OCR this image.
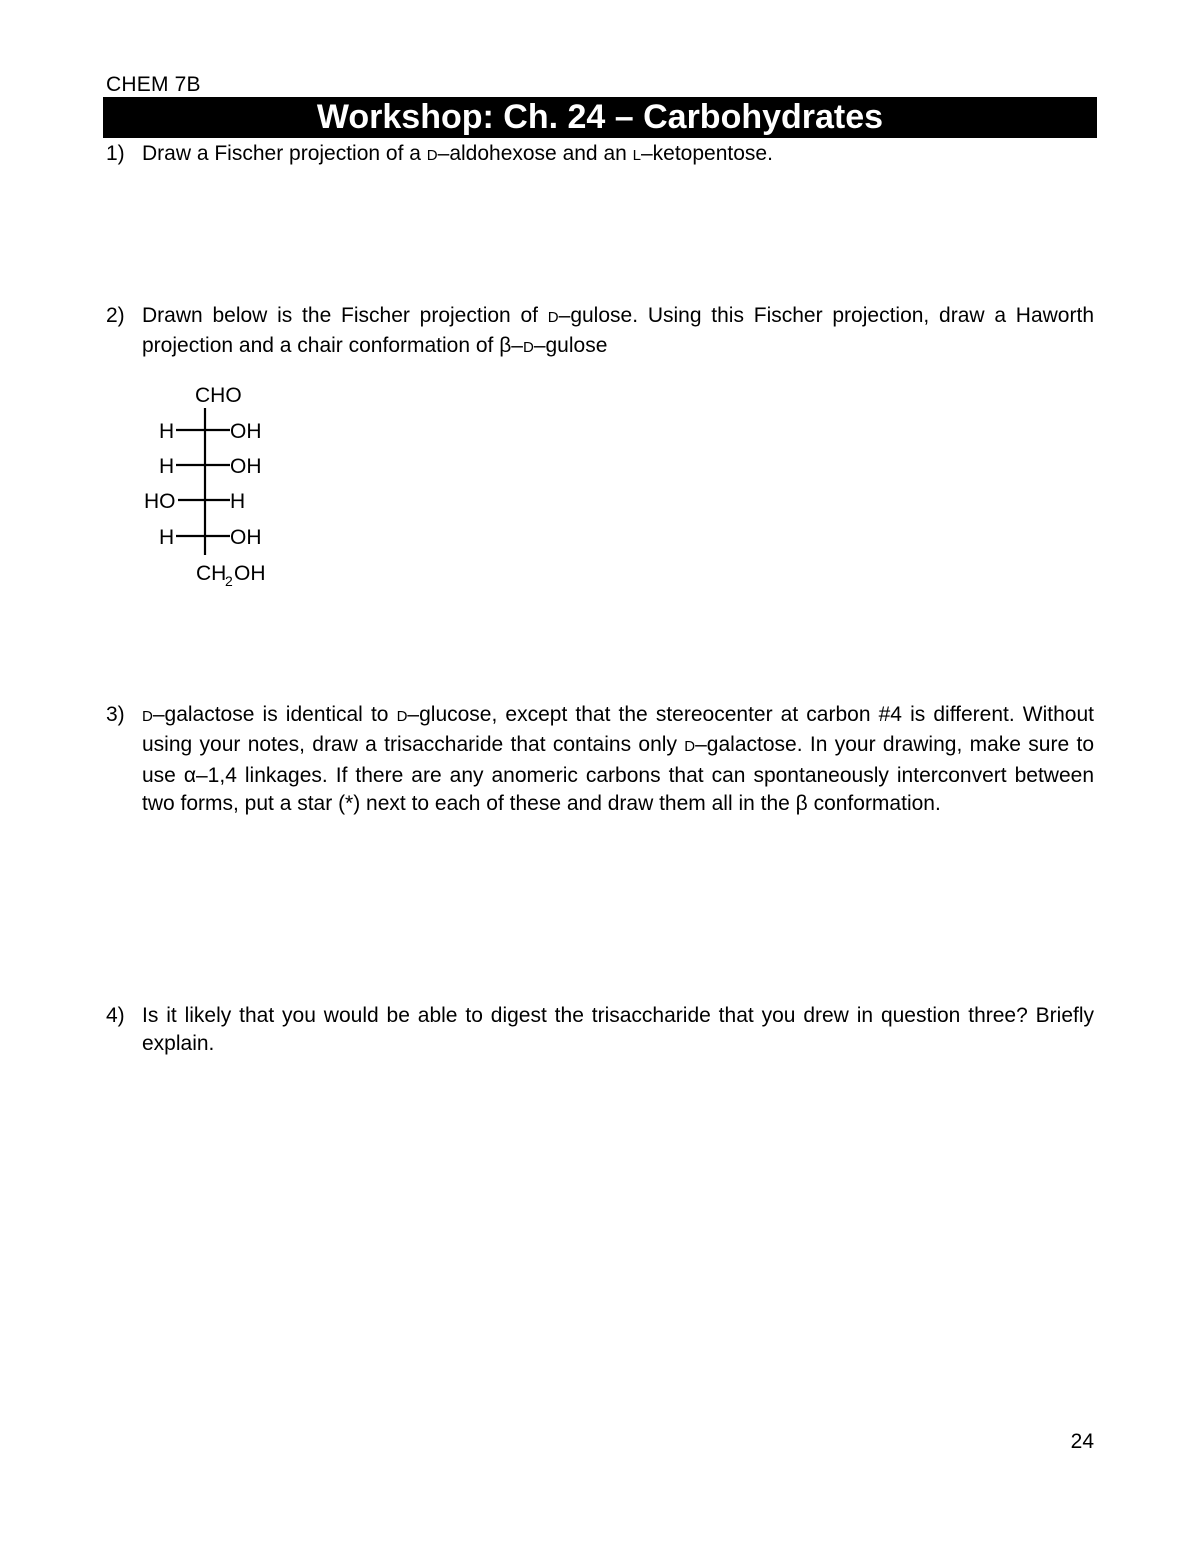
CHEM 7B
Workshop: Ch. 24 – Carbohydrates
1) Draw a Fischer projection of a D–aldohexose and an L–ketopentose.
2) Drawn below is the Fischer projection of D–gulose. Using this Fischer projection, draw a Haworth projection and a chair conformation of β–D–gulose
CHO
H	OH
H	OH
HO	H
H	OH
CH
2 OH
3) D–galactose is identical to D–glucose, except that the stereocenter at carbon #4 is different. Without using your notes, draw a trisaccharide that contains only D–galactose. In your drawing, make sure to use α–1,4 linkages. If there are any anomeric carbons that can spontaneously interconvert between two forms, put a star (*) next to each of these and draw them all in the β conformation.
4) Is it likely that you would be able to digest the trisaccharide that you drew in question three? Briefly explain.
24
